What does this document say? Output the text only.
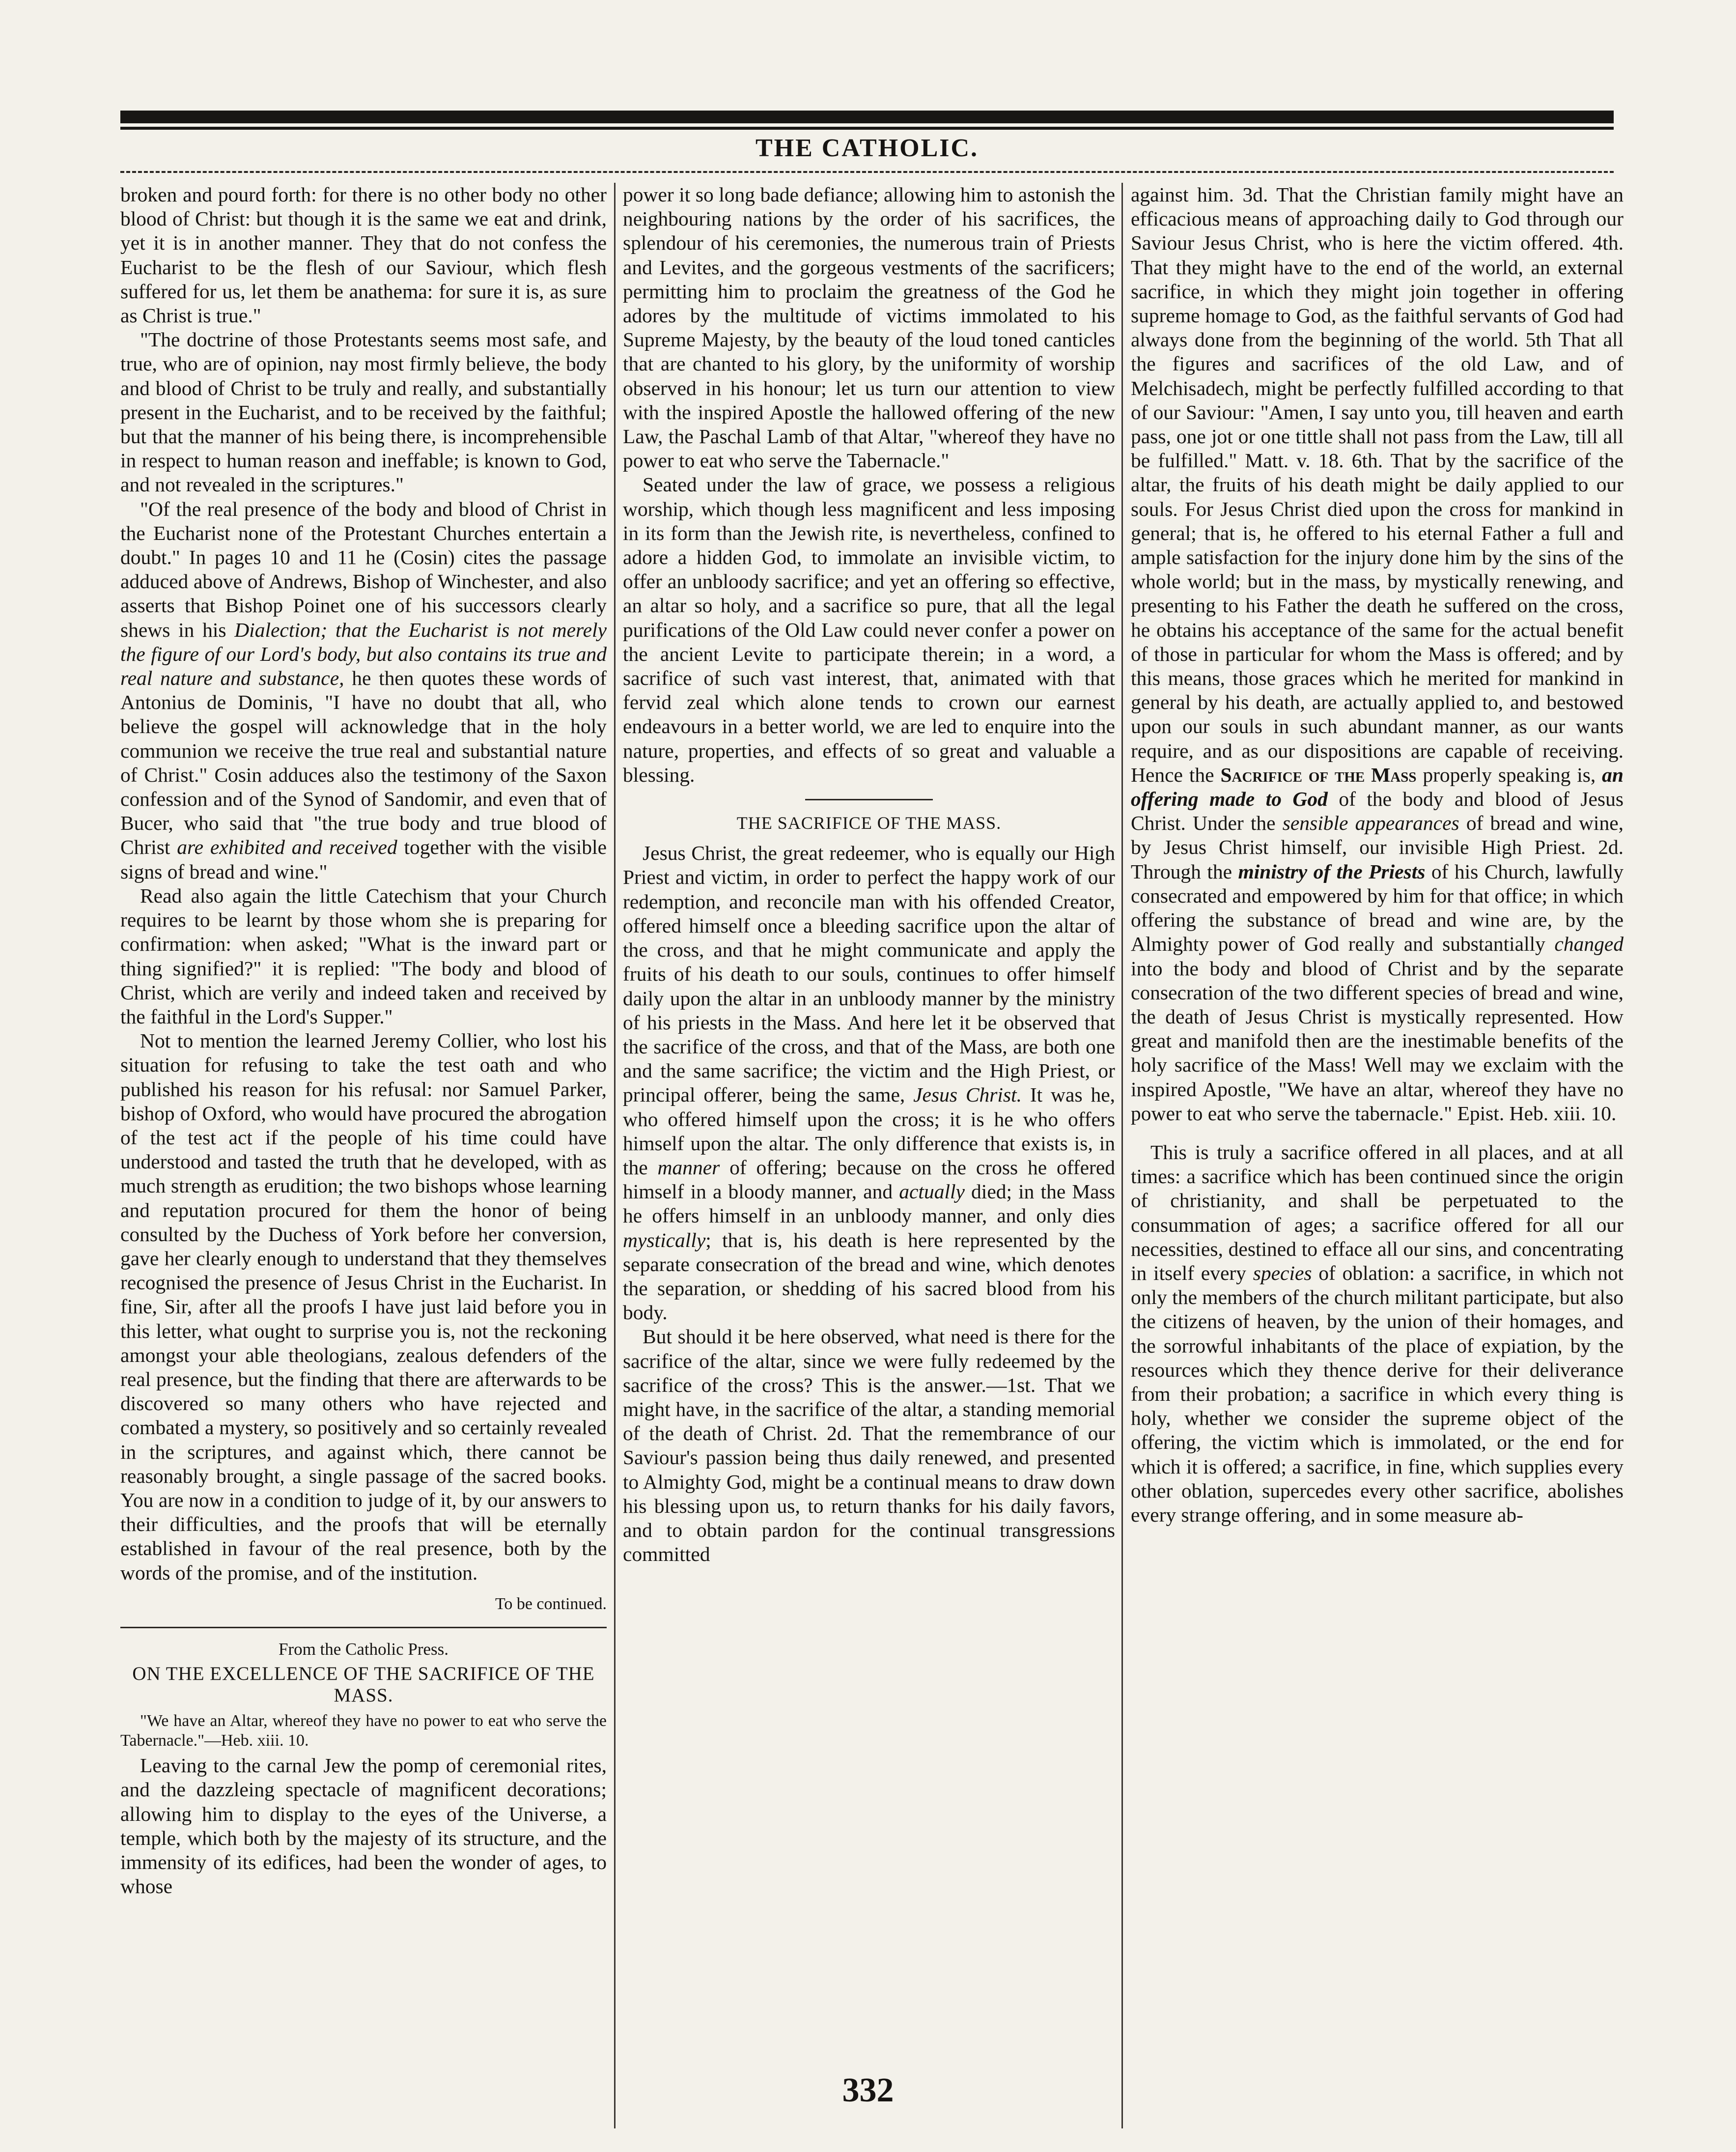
THE CATHOLIC.

broken and pourd forth: for there is no other body no other blood of Christ: but though it is the same we eat and drink, yet it is in another manner. They that do not confess the Eucharist to be the flesh of our Saviour, which flesh suffered for us, let them be anathema: for sure it is, as sure as Christ is true."

"The doctrine of those Protestants seems most safe, and true, who are of opinion, nay most firmly believe, the body and blood of Christ to be truly and really, and substantially present in the Eucharist, and to be received by the faithful; but that the manner of his being there, is incomprehensible in respect to human reason and ineffable; is known to God, and not revealed in the scriptures."

"Of the real presence of the body and blood of Christ in the Eucharist none of the Protestant Churches entertain a doubt." In pages 10 and 11 he (Cosin) cites the passage adduced above of Andrews, Bishop of Winchester, and also asserts that Bishop Poinet one of his successors clearly shews in his Dialection; that the Eucharist is not merely the figure of our Lord's body, but also contains its true and real nature and substance, he then quotes these words of Antonius de Dominis, "I have no doubt that all, who believe the gospel will acknowledge that in the holy communion we receive the true real and substantial nature of Christ." Cosin adduces also the testimony of the Saxon confession and of the Synod of Sandomir, and even that of Bucer, who said that "the true body and true blood of Christ are exhibited and received together with the visible signs of bread and wine."

Read also again the little Catechism that your Church requires to be learnt by those whom she is preparing for confirmation: when asked; "What is the inward part or thing signified?" it is replied: "The body and blood of Christ, which are verily and indeed taken and received by the faithful in the Lord's Supper."

Not to mention the learned Jeremy Collier, who lost his situation for refusing to take the test oath and who published his reason for his refusal: nor Samuel Parker, bishop of Oxford, who would have procured the abrogation of the test act if the people of his time could have understood and tasted the truth that he developed, with as much strength as erudition; the two bishops whose learning and reputation procured for them the honor of being consulted by the Duchess of York before her conversion, gave her clearly enough to understand that they themselves recognised the presence of Jesus Christ in the Eucharist. In fine, Sir, after all the proofs I have just laid before you in this letter, what ought to surprise you is, not the reckoning amongst your able theologians, zealous defenders of the real presence, but the finding that there are afterwards to be discovered so many others who have rejected and combated a mystery, so positively and so certainly revealed in the scriptures, and against which, there cannot be reasonably brought, a single passage of the sacred books. You are now in a condition to judge of it, by our answers to their difficulties, and the proofs that will be eternally established in favour of the real presence, both by the words of the promise, and of the institution.

To be continued.
From the Catholic Press.
ON THE EXCELLENCE OF THE SACRIFICE OF THE MASS.
"We have an Altar, whereof they have no power to eat who serve the Tabernacle."—Heb. xiii. 10.

Leaving to the carnal Jew the pomp of ceremonial rites, and the dazzleing spectacle of magnificent decorations; allowing him to display to the eyes of the Universe, a temple, which both by the majesty of its structure, and the immensity of its edifices, had been the wonder of ages, to whose

power it so long bade defiance; allowing him to astonish the neighbouring nations by the order of his sacrifices, the splendour of his ceremonies, the numerous train of Priests and Levites, and the gorgeous vestments of the sacrificers; permitting him to proclaim the greatness of the God he adores by the multitude of victims immolated to his Supreme Majesty, by the beauty of the loud toned canticles that are chanted to his glory, by the uniformity of worship observed in his honour; let us turn our attention to view with the inspired Apostle the hallowed offering of the new Law, the Paschal Lamb of that Altar, "whereof they have no power to eat who serve the Tabernacle."

Seated under the law of grace, we possess a religious worship, which though less magnificent and less imposing in its form than the Jewish rite, is nevertheless, confined to adore a hidden God, to immolate an invisible victim, to offer an unbloody sacrifice; and yet an offering so effective, an altar so holy, and a sacrifice so pure, that all the legal purifications of the Old Law could never confer a power on the ancient Levite to participate therein; in a word, a sacrifice of such vast interest, that, animated with that fervid zeal which alone tends to crown our earnest endeavours in a better world, we are led to enquire into the nature, properties, and effects of so great and valuable a blessing.

THE SACRIFICE OF THE MASS.

Jesus Christ, the great redeemer, who is equally our High Priest and victim, in order to perfect the happy work of our redemption, and reconcile man with his offended Creator, offered himself once a bleeding sacrifice upon the altar of the cross, and that he might communicate and apply the fruits of his death to our souls, continues to offer himself daily upon the altar in an unbloody manner by the ministry of his priests in the Mass. And here let it be observed that the sacrifice of the cross, and that of the Mass, are both one and the same sacrifice; the victim and the High Priest, or principal offerer, being the same, Jesus Christ. It was he, who offered himself upon the cross; it is he who offers himself upon the altar. The only difference that exists is, in the manner of offering; because on the cross he offered himself in a bloody manner, and actually died; in the Mass he offers himself in an unbloody manner, and only dies mystically; that is, his death is here represented by the separate consecration of the bread and wine, which denotes the separation, or shedding of his sacred blood from his body.

But should it be here observed, what need is there for the sacrifice of the altar, since we were fully redeemed by the sacrifice of the cross? This is the answer.—1st. That we might have, in the sacrifice of the altar, a standing memorial of the death of Christ. 2d. That the remembrance of our Saviour's passion being thus daily renewed, and presented to Almighty God, might be a continual means to draw down his blessing upon us, to return thanks for his daily favors, and to obtain pardon for the continual transgressions committed

against him. 3d. That the Christian family might have an efficacious means of approaching daily to God through our Saviour Jesus Christ, who is here the victim offered. 4th. That they might have to the end of the world, an external sacrifice, in which they might join together in offering supreme homage to God, as the faithful servants of God had always done from the beginning of the world. 5th That all the figures and sacrifices of the old Law, and of Melchisadech, might be perfectly fulfilled according to that of our Saviour: "Amen, I say unto you, till heaven and earth pass, one jot or one tittle shall not pass from the Law, till all be fulfilled." Matt. v. 18. 6th. That by the sacrifice of the altar, the fruits of his death might be daily applied to our souls. For Jesus Christ died upon the cross for mankind in general; that is, he offered to his eternal Father a full and ample satisfaction for the injury done him by the sins of the whole world; but in the mass, by mystically renewing, and presenting to his Father the death he suffered on the cross, he obtains his acceptance of the same for the actual benefit of those in particular for whom the Mass is offered; and by this means, those graces which he merited for mankind in general by his death, are actually applied to, and bestowed upon our souls in such abundant manner, as our wants require, and as our dispositions are capable of receiving. Hence the Sacrifice of the Mass properly speaking is, an offering made to God of the body and blood of Jesus Christ. Under the sensible appearances of bread and wine, by Jesus Christ himself, our invisible High Priest. 2d. Through the ministry of the Priests of his Church, lawfully consecrated and empowered by him for that office; in which offering the substance of bread and wine are, by the Almighty power of God really and substantially changed into the body and blood of Christ and by the separate consecration of the two different species of bread and wine, the death of Jesus Christ is mystically represented. How great and manifold then are the inestimable benefits of the holy sacrifice of the Mass! Well may we exclaim with the inspired Apostle, "We have an altar, whereof they have no power to eat who serve the tabernacle." Epist. Heb. xiii. 10.

This is truly a sacrifice offered in all places, and at all times: a sacrifice which has been continued since the origin of christianity, and shall be perpetuated to the consummation of ages; a sacrifice offered for all our necessities, destined to efface all our sins, and concentrating in itself every species of oblation: a sacrifice, in which not only the members of the church militant participate, but also the citizens of heaven, by the union of their homages, and the sorrowful inhabitants of the place of expiation, by the resources which they thence derive for their deliverance from their probation; a sacrifice in which every thing is holy, whether we consider the supreme object of the offering, the victim which is immolated, or the end for which it is offered; a sacrifice, in fine, which supplies every other oblation, supercedes every other sacrifice, abolishes every strange offering, and in some measure ab-

332
